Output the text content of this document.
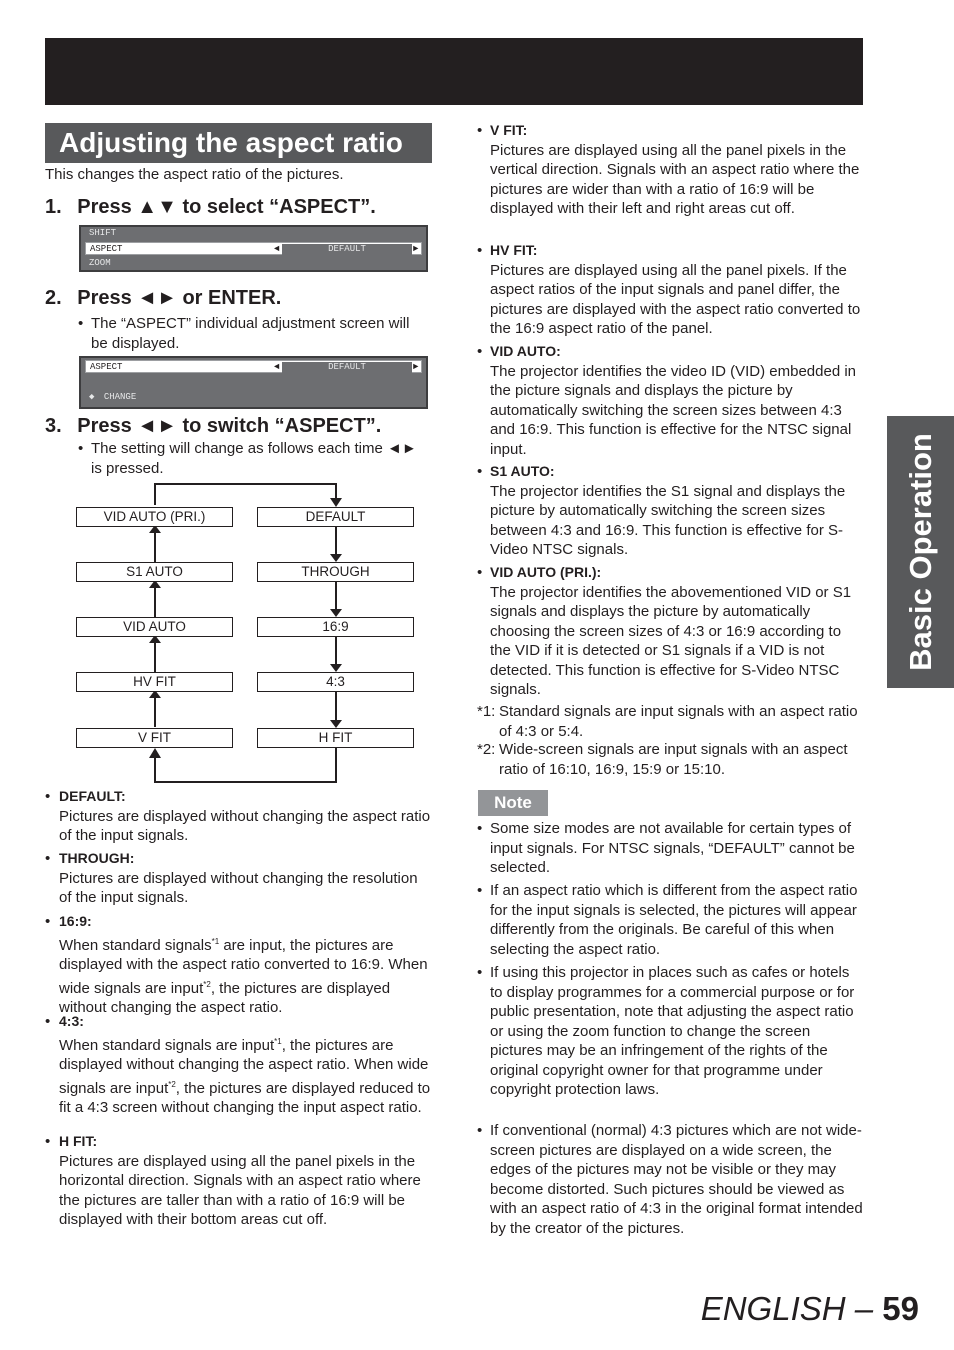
Adjusting the aspect ratio
This changes the aspect ratio of the pictures.
1. Press ▲▼ to select “ASPECT”.
SHIFT
ASPECT	◄	DEFAULT	►
ZOOM
2. Press ◄► or ENTER.
• The “ASPECT” individual adjustment screen will be displayed.
ASPECT	◄	DEFAULT	►
◆ CHANGE
3. Press ◄► to switch “ASPECT”.
• The setting will change as follows each time ◄► is pressed.
VID AUTO (PRI.)
S1 AUTO
VID AUTO
HV FIT
V FIT
DEFAULT
THROUGH
16:9
4:3
H FIT
• DEFAULT:
Pictures are displayed without changing the aspect ratio of the input signals.
• THROUGH:
Pictures are displayed without changing the resolution of the input signals.
• 16:9:
When standard signals$^{*1}$ are input, the pictures are displayed with the aspect ratio converted to 16:9. When wide signals are input$^{*2}$, the pictures are displayed without changing the aspect ratio.
• 4:3:
When standard signals are input$^{*1}$, the pictures are displayed without changing the aspect ratio. When wide signals are input$^{*2}$, the pictures are displayed reduced to fit a 4:3 screen without changing the input aspect ratio.
• H FIT:
Pictures are displayed using all the panel pixels in the horizontal direction. Signals with an aspect ratio where the pictures are taller than with a ratio of 16:9 will be displayed with their bottom areas cut off.
• V FIT:
Pictures are displayed using all the panel pixels in the vertical direction. Signals with an aspect ratio where the pictures are wider than with a ratio of 16:9 will be displayed with their left and right areas cut off.
• HV FIT:
Pictures are displayed using all the panel pixels. If the aspect ratios of the input signals and panel differ, the pictures are displayed with the aspect ratio converted to the 16:9 aspect ratio of the panel.
• VID AUTO:
The projector identifies the video ID (VID) embedded in the picture signals and displays the picture by automatically switching the screen sizes between 4:3 and 16:9. This function is effective for the NTSC signal input.
• S1 AUTO:
The projector identifies the S1 signal and displays the picture by automatically switching the screen sizes between 4:3 and 16:9. This function is effective for S-Video NTSC signals.
• VID AUTO (PRI.):
The projector identifies the abovementioned VID or S1 signals and displays the picture by automatically choosing the screen sizes of 4:3 or 16:9 according to the VID if it is detected or S1 signals if a VID is not detected. This function is effective for S-Video NTSC signals.
*1: Standard signals are input signals with an aspect ratio of 4:3 or 5:4.
*2: Wide-screen signals are input signals with an aspect ratio of 16:10, 16:9, 15:9 or 15:10.
Note
• Some size modes are not available for certain types of input signals. For NTSC signals, “DEFAULT” cannot be selected.
• If an aspect ratio which is different from the aspect ratio for the input signals is selected, the pictures will appear differently from the originals. Be careful of this when selecting the aspect ratio.
• If using this projector in places such as cafes or hotels to display programmes for a commercial purpose or for public presentation, note that adjusting the aspect ratio or using the zoom function to change the screen pictures may be an infringement of the rights of the original copyright owner for that programme under copyright protection laws.
• If conventional (normal) 4:3 pictures which are not wide-screen pictures are displayed on a wide screen, the edges of the pictures may not be visible or they may become distorted. Such pictures should be viewed as with an aspect ratio of 4:3 in the original format intended by the creator of the pictures.
Basic Operation
ENGLISH – 59
